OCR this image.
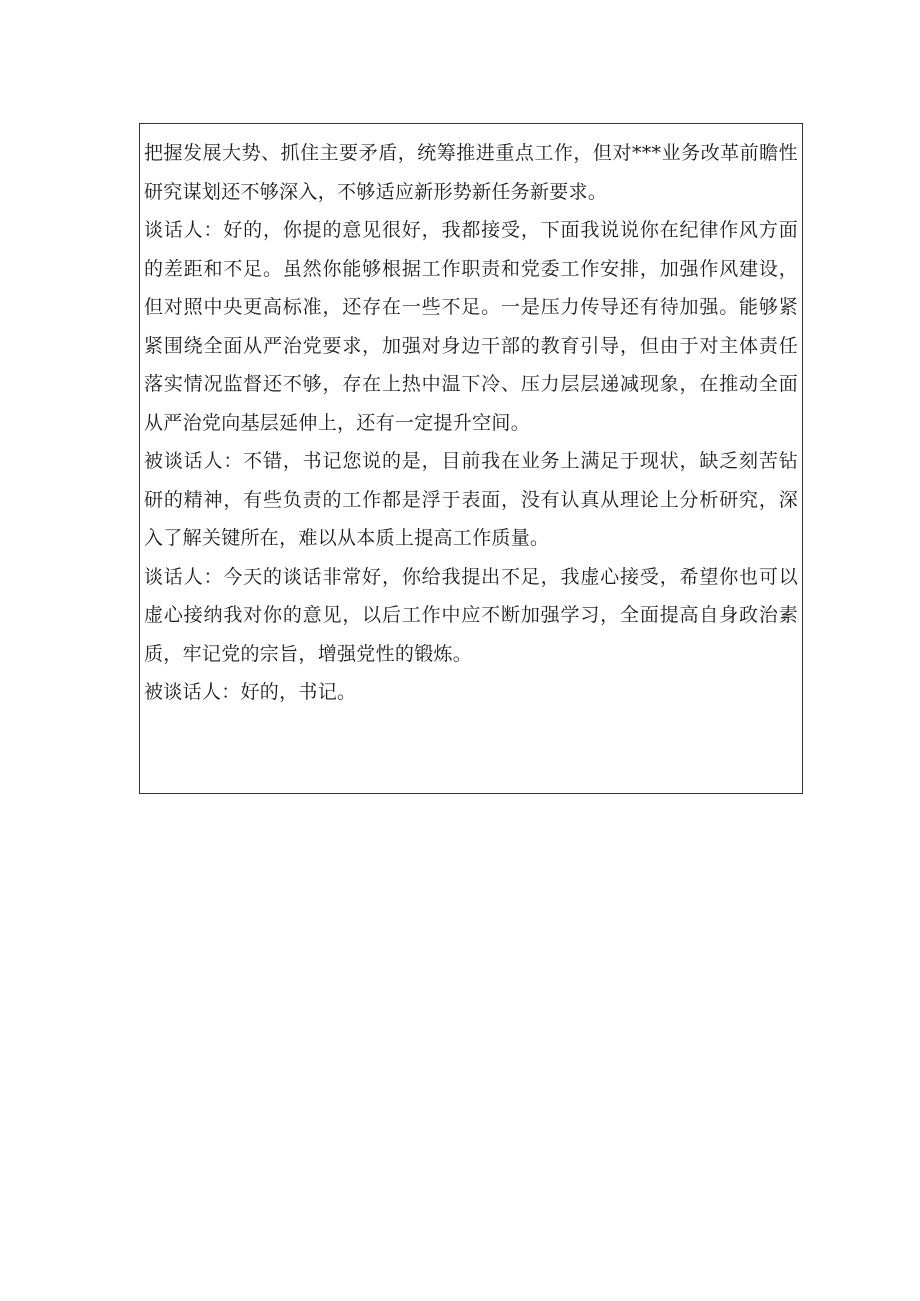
把握发展大势、抓住主要矛盾，统筹推进重点工作，但对***业务改革前瞻性研究谋划还不够深入，不够适应新形势新任务新要求。

谈话人：好的，你提的意见很好，我都接受，下面我说说你在纪律作风方面的差距和不足。虽然你能够根据工作职责和党委工作安排，加强作风建设，但对照中央更高标准，还存在一些不足。一是压力传导还有待加强。能够紧紧围绕全面从严治党要求，加强对身边干部的教育引导，但由于对主体责任落实情况监督还不够，存在上热中温下冷、压力层层递减现象，在推动全面从严治党向基层延伸上，还有一定提升空间。

被谈话人：不错，书记您说的是，目前我在业务上满足于现状，缺乏刻苦钻研的精神，有些负责的工作都是浮于表面，没有认真从理论上分析研究，深入了解关键所在，难以从本质上提高工作质量。

谈话人：今天的谈话非常好，你给我提出不足，我虚心接受，希望你也可以虚心接纳我对你的意见，以后工作中应不断加强学习，全面提高自身政治素质，牢记党的宗旨，增强党性的锻炼。

被谈话人：好的，书记。
